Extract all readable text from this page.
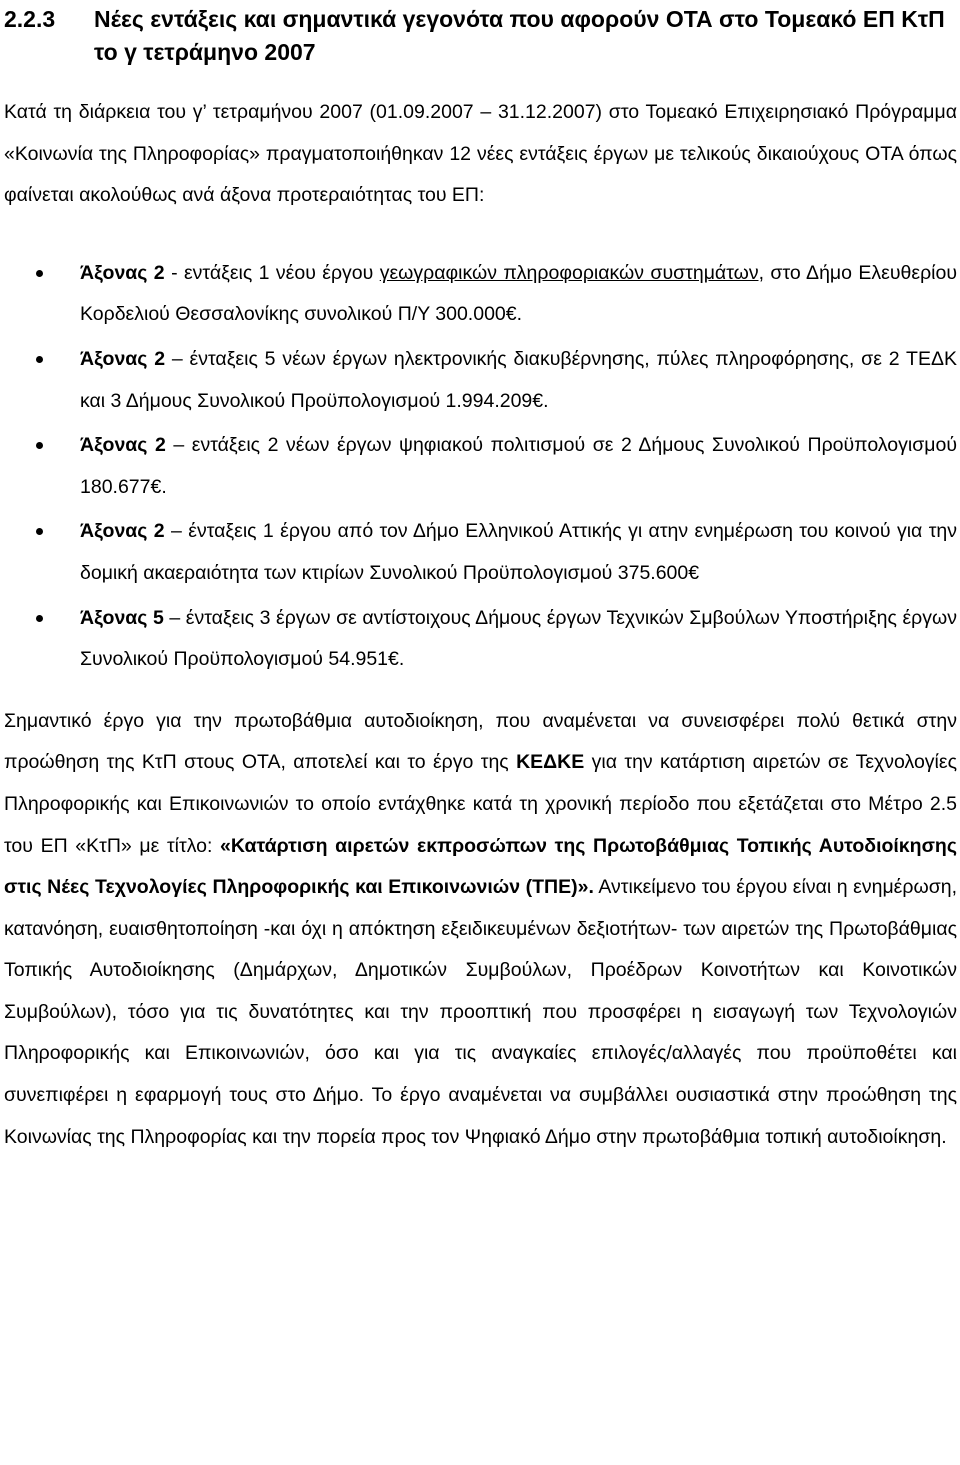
2.2.3	Νέες εντάξεις και σημαντικά γεγονότα που αφορούν ΟΤΑ στο Τομεακό ΕΠ ΚτΠ το γ τετράμηνο 2007

Κατά τη διάρκεια του γ’ τετραμήνου 2007 (01.09.2007 – 31.12.2007) στο Τομεακό Επιχειρησιακό Πρόγραμμα «Κοινωνία της Πληροφορίας» πραγματοποιήθηκαν 12 νέες εντάξεις έργων με τελικούς δικαιούχους ΟΤΑ όπως φαίνεται ακολούθως ανά άξονα προτεραιότητας του ΕΠ:

Άξονας 2 - εντάξεις 1 νέου έργου γεωγραφικών πληροφοριακών συστημάτων, στο Δήμο Ελευθερίου Κορδελιού Θεσσαλονίκης συνολικού Π/Υ 300.000€.
Άξονας 2 – ένταξεις 5 νέων έργων ηλεκτρονικής διακυβέρνησης, πύλες πληροφόρησης, σε 2 ΤΕΔΚ και 3 Δήμους Συνολικού Προϋπολογισμού 1.994.209€.
Άξονας 2 – εντάξεις 2 νέων έργων ψηφιακού πολιτισμού σε 2 Δήμους Συνολικού Προϋπολογισμού 180.677€.
Άξονας 2 – ένταξεις 1 έργου από τον Δήμο Ελληνικού Αττικής γι ατην ενημέρωση του κοινού για την δομική ακαεραιότητα των κτιρίων Συνολικού Προϋπολογισμού 375.600€
Άξονας 5 – ένταξεις 3 έργων σε αντίστοιχους Δήμους έργων Τεχνικών Σμβούλων Υποστήριξης έργων Συνολικού Προϋπολογισμού 54.951€.

Σημαντικό έργο για την πρωτοβάθμια αυτοδιοίκηση, που αναμένεται να συνεισφέρει πολύ θετικά στην προώθηση της ΚτΠ στους ΟΤΑ, αποτελεί και το έργο της ΚΕΔΚΕ για την κατάρτιση αιρετών σε Τεχνολογίες Πληροφορικής και Επικοινωνιών το οποίο εντάχθηκε κατά τη χρονική περίοδο που εξετάζεται στο Μέτρο 2.5 του ΕΠ «ΚτΠ» με τίτλο: «Κατάρτιση αιρετών εκπροσώπων της Πρωτοβάθμιας Τοπικής Αυτοδιοίκησης στις Νέες Τεχνολογίες Πληροφορικής και Επικοινωνιών (ΤΠΕ)». Αντικείμενο του έργου είναι η ενημέρωση, κατανόηση, ευαισθητοποίηση -και όχι η απόκτηση εξειδικευμένων δεξιοτήτων- των αιρετών της Πρωτοβάθμιας Τοπικής Αυτοδιοίκησης (Δημάρχων, Δημοτικών Συμβούλων, Προέδρων Κοινοτήτων και Κοινοτικών Συμβούλων), τόσο για τις δυνατότητες και την προοπτική που προσφέρει η εισαγωγή των Τεχνολογιών Πληροφορικής και Επικοινωνιών, όσο και για τις αναγκαίες επιλογές/αλλαγές που προϋποθέτει και συνεπιφέρει η εφαρμογή τους στο Δήμο. Το έργο αναμένεται να συμβάλλει ουσιαστικά στην προώθηση της Κοινωνίας της Πληροφορίας και την πορεία προς τον Ψηφιακό Δήμο στην πρωτοβάθμια τοπική αυτοδιοίκηση.
